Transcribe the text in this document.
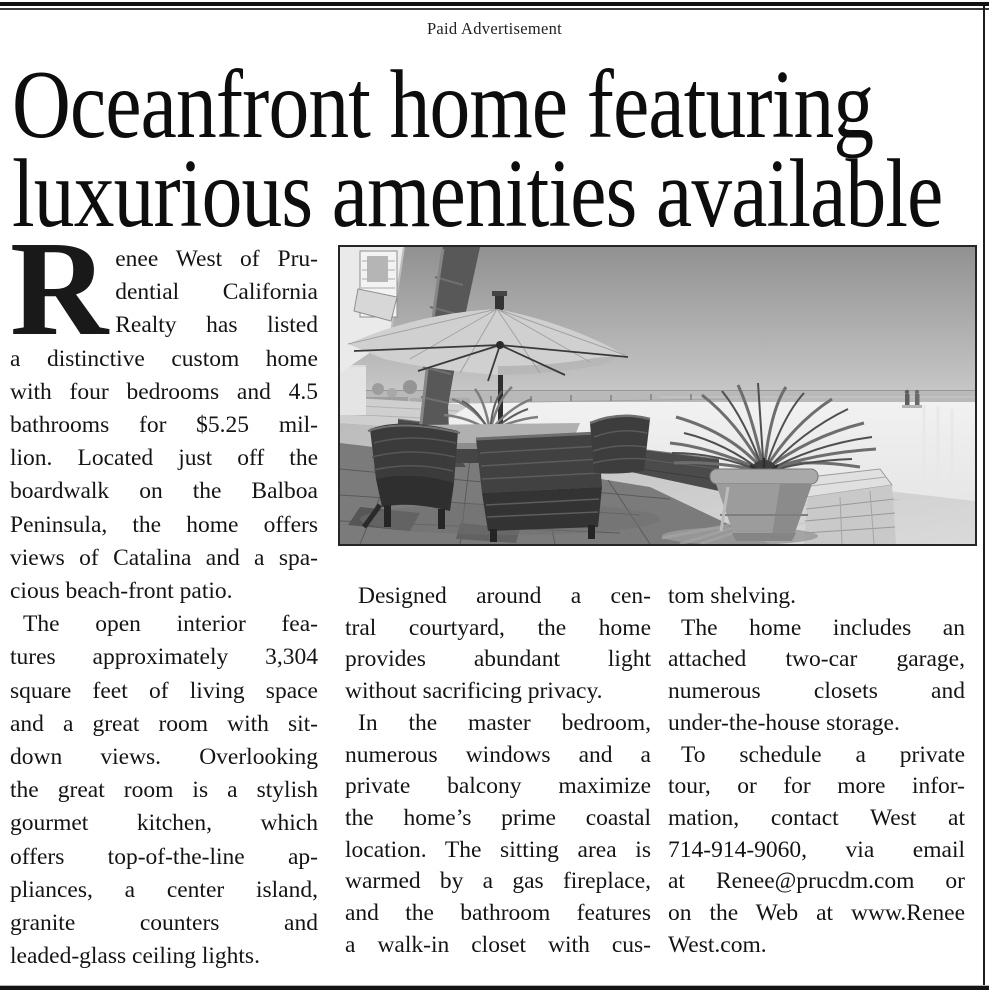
Paid Advertisement
Oceanfront home featuring
luxurious amenities available
R enee West of Pru-
dential California
Realty has listed
a distinctive custom home
with four bedrooms and 4.5
bathrooms for $5.25 mil-
lion. Located just off the
boardwalk on the Balboa
Peninsula, the home offers
views of Catalina and a spa-
cious beach-front patio.
The open interior fea-
tures approximately 3,304
square feet of living space
and a great room with sit-
down views. Overlooking
the great room is a stylish
gourmet kitchen, which
offers top-of-the-line ap-
pliances, a center island,
granite counters and
leaded-glass ceiling lights.
Designed around a cen-
tral courtyard, the home
provides abundant light
without sacrificing privacy.
In the master bedroom,
numerous windows and a
private balcony maximize
the home’s prime coastal
location. The sitting area is
warmed by a gas fireplace,
and the bathroom features
a walk-in closet with cus-
tom shelving.
The home includes an
attached two-car garage,
numerous closets and
under-the-house storage.
To schedule a private
tour, or for more infor-
mation, contact West at
714-914-9060, via email
at Renee@prucdm.com or
on the Web at www.Renee
West.com.
